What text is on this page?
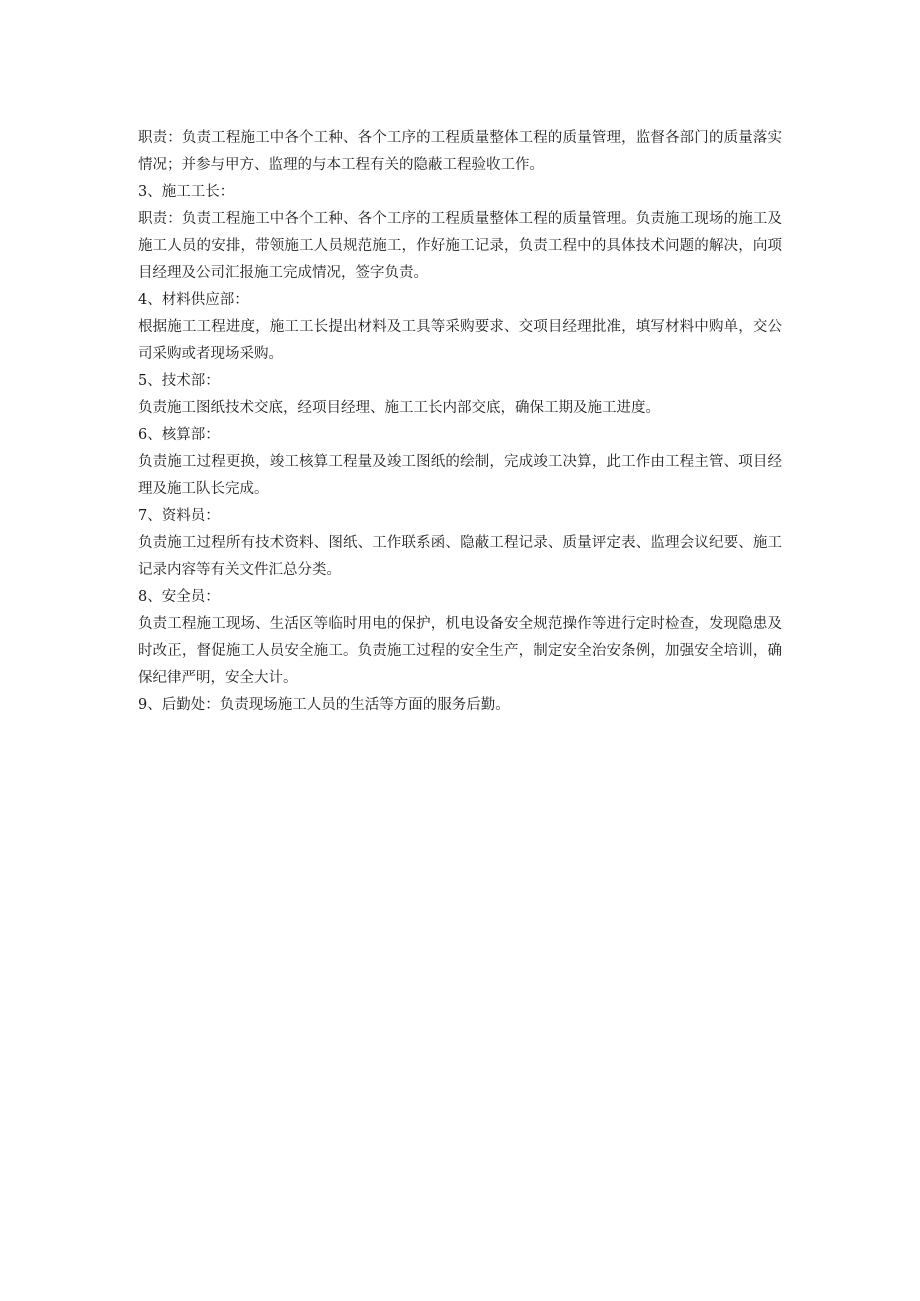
职责：负责工程施工中各个工种、各个工序的工程质量整体工程的质量管理，监督各部门的质量落实情况；并参与甲方、监理的与本工程有关的隐蔽工程验收工作。

3、施工工长：

职责：负责工程施工中各个工种、各个工序的工程质量整体工程的质量管理。负责施工现场的施工及施工人员的安排，带领施工人员规范施工，作好施工记录，负责工程中的具体技术问题的解决，向项目经理及公司汇报施工完成情况，签字负责。

4、材料供应部：

根据施工工程进度，施工工长提出材料及工具等采购要求、交项目经理批准，填写材料中购单，交公司采购或者现场采购。

5、技术部：

负责施工图纸技术交底，经项目经理、施工工长内部交底，确保工期及施工进度。

6、核算部：

负责施工过程更换，竣工核算工程量及竣工图纸的绘制，完成竣工决算，此工作由工程主管、项目经理及施工队长完成。

7、资料员：

负责施工过程所有技术资料、图纸、工作联系函、隐蔽工程记录、质量评定表、监理会议纪要、施工记录内容等有关文件汇总分类。

8、安全员：

负责工程施工现场、生活区等临时用电的保护，机电设备安全规范操作等进行定时检查，发现隐患及时改正，督促施工人员安全施工。负责施工过程的安全生产，制定安全治安条例，加强安全培训，确保纪律严明，安全大计。

9、后勤处：负责现场施工人员的生活等方面的服务后勤。
